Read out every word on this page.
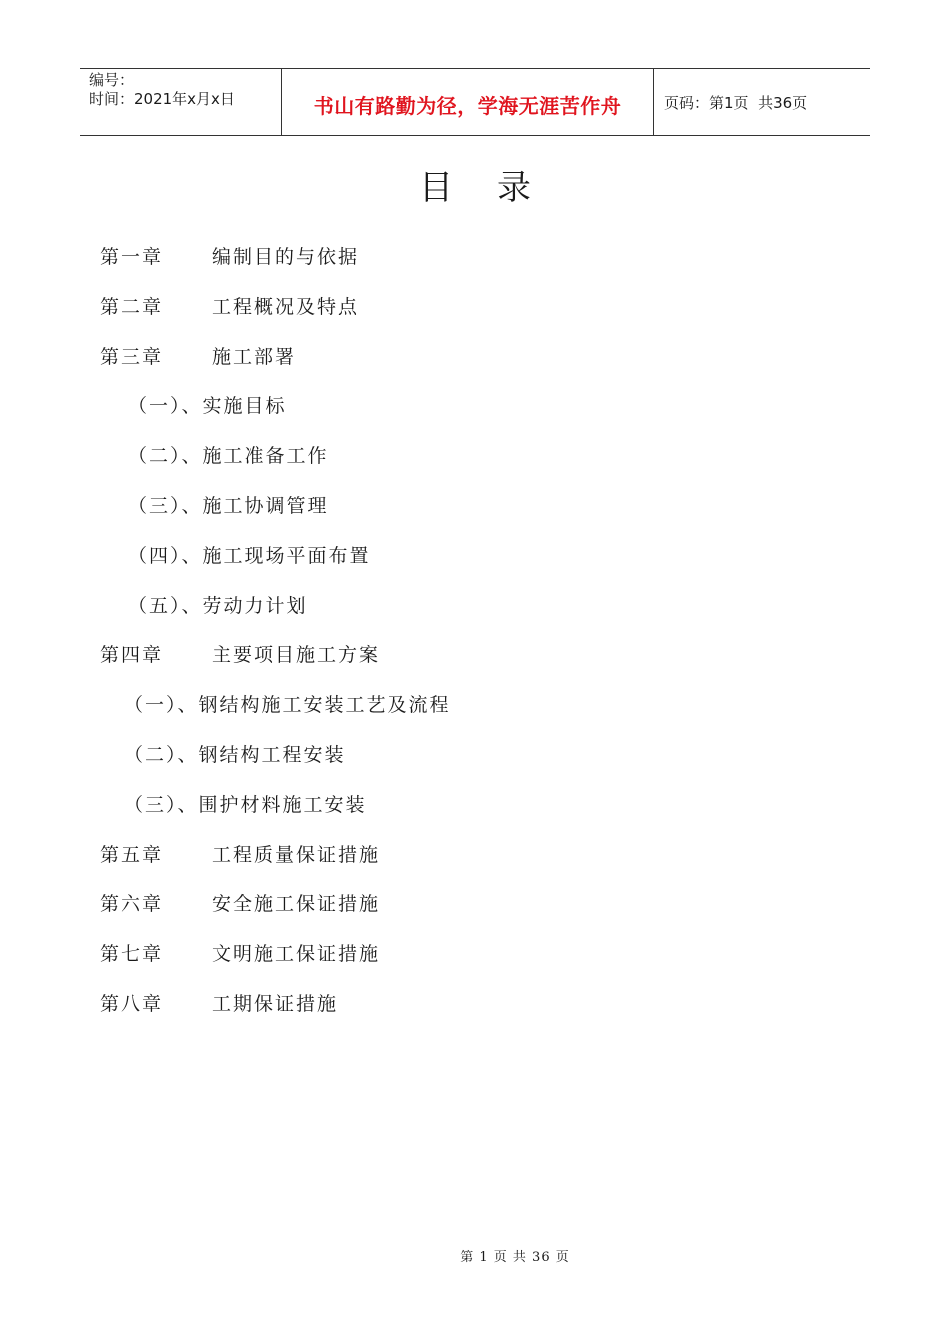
编号：
时间：2021年x月x日	书山有路勤为径，学海无涯苦作舟	页码：第1页  共36页
目录
第一章	编制目的与依据
第二章	工程概况及特点
第三章	施工部署
（一）、实施目标
（二）、施工准备工作
（三）、施工协调管理
（四）、施工现场平面布置
（五）、劳动力计划
第四章	主要项目施工方案
（一）、钢结构施工安装工艺及流程
（二）、钢结构工程安装
（三）、围护材料施工安装
第五章	工程质量保证措施
第六章	安全施工保证措施
第七章	文明施工保证措施
第八章	工期保证措施
第 1 页 共 36 页
